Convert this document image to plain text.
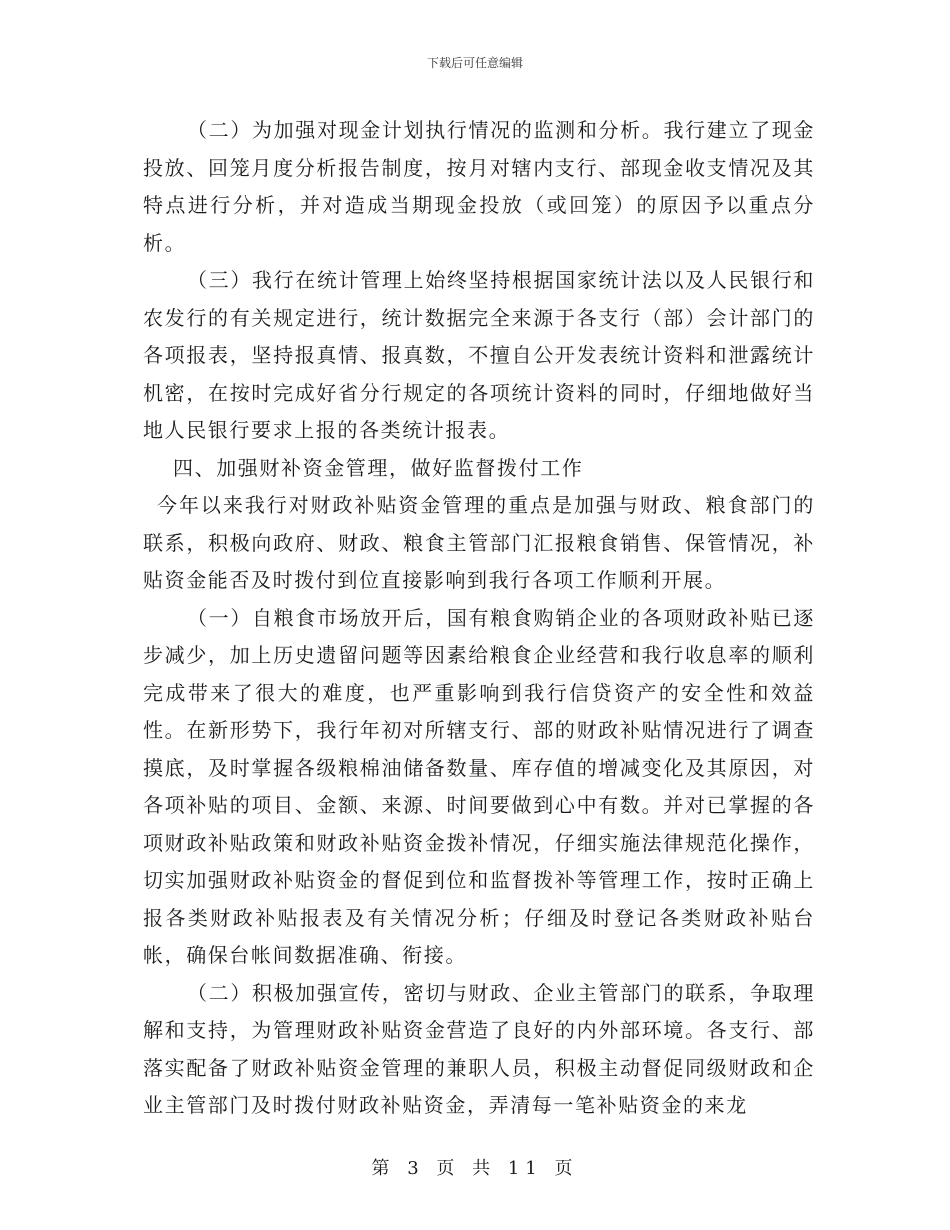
下载后可任意编辑

（二）为加强对现金计划执行情况的监测和分析。我行建立了现金投放、回笼月度分析报告制度，按月对辖内支行、部现金收支情况及其特点进行分析，并对造成当期现金投放（或回笼）的原因予以重点分析。

（三）我行在统计管理上始终坚持根据国家统计法以及人民银行和农发行的有关规定进行，统计数据完全来源于各支行（部）会计部门的各项报表，坚持报真情、报真数，不擅自公开发表统计资料和泄露统计机密，在按时完成好省分行规定的各项统计资料的同时，仔细地做好当地人民银行要求上报的各类统计报表。

四、加强财补资金管理，做好监督拨付工作

今年以来我行对财政补贴资金管理的重点是加强与财政、粮食部门的联系，积极向政府、财政、粮食主管部门汇报粮食销售、保管情况，补贴资金能否及时拨付到位直接影响到我行各项工作顺利开展。

（一）自粮食市场放开后，国有粮食购销企业的各项财政补贴已逐步减少，加上历史遗留问题等因素给粮食企业经营和我行收息率的顺利完成带来了很大的难度，也严重影响到我行信贷资产的安全性和效益性。在新形势下，我行年初对所辖支行、部的财政补贴情况进行了调查摸底，及时掌握各级粮棉油储备数量、库存值的增减变化及其原因，对各项补贴的项目、金额、来源、时间要做到心中有数。并对已掌握的各项财政补贴政策和财政补贴资金拨补情况，仔细实施法律规范化操作，切实加强财政补贴资金的督促到位和监督拨补等管理工作，按时正确上报各类财政补贴报表及有关情况分析；仔细及时登记各类财政补贴台帐，确保台帐间数据准确、衔接。

（二）积极加强宣传，密切与财政、企业主管部门的联系，争取理解和支持，为管理财政补贴资金营造了良好的内外部环境。各支行、部落实配备了财政补贴资金管理的兼职人员，积极主动督促同级财政和企业主管部门及时拨付财政补贴资金，弄清每一笔补贴资金的来龙

第 3 页 共 11 页
